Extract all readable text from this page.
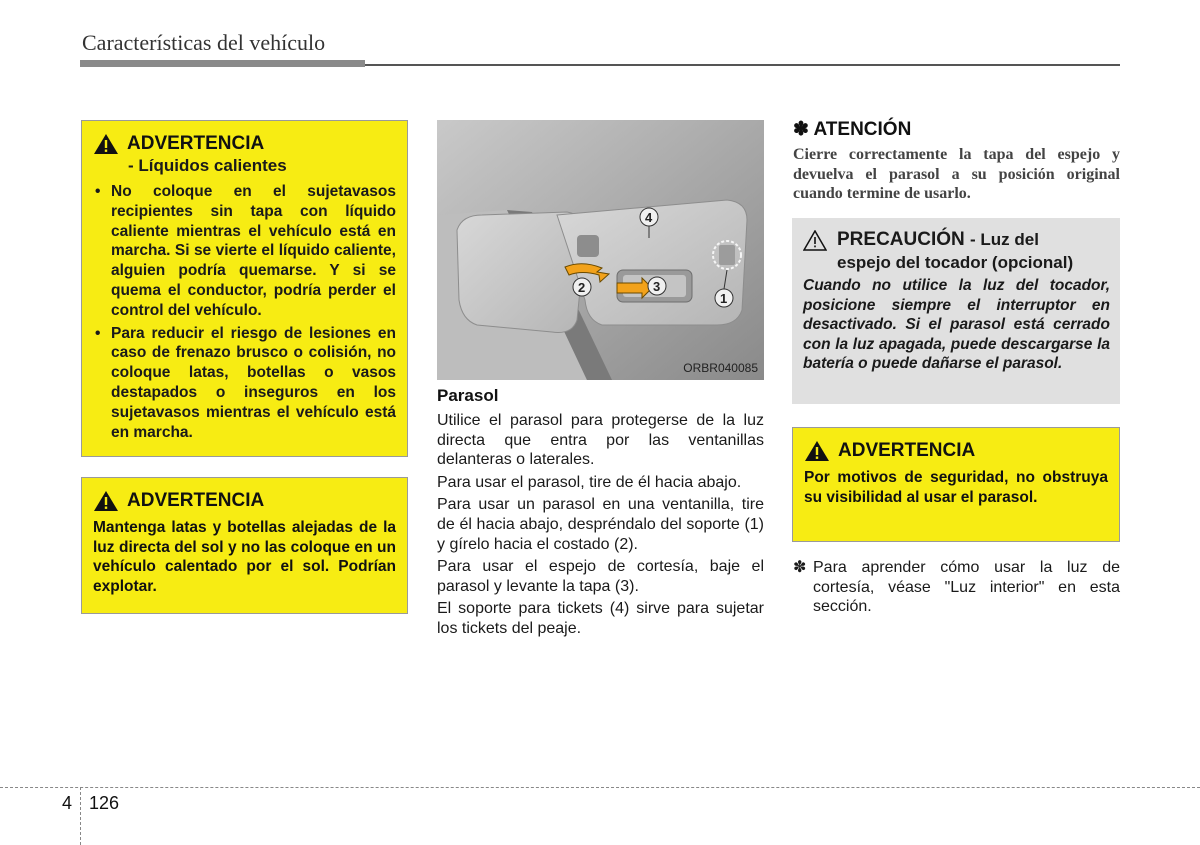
Características del vehículo
ADVERTENCIA
- Líquidos calientes
• No coloque en el sujetavasos recipientes sin tapa con líquido caliente mientras el vehículo está en marcha. Si se vierte el líquido caliente, alguien podría quemarse. Y si se quema el conductor, podría perder el control del vehículo.
• Para reducir el riesgo de lesiones en caso de frenazo brusco o colisión, no coloque latas, botellas o vasos destapados o inseguros en los sujetavasos mientras el vehículo está en marcha.
ADVERTENCIA
Mantenga latas y botellas alejadas de la luz directa del sol y no las coloque en un vehículo calentado por el sol. Podrían explotar.
4
2	3
1
ORBR040085
Parasol

Utilice el parasol para protegerse de la luz directa que entra por las ventanillas delanteras o laterales.

Para usar el parasol, tire de él hacia abajo.

Para usar un parasol en una ventanilla, tire de él hacia abajo, despréndalo del soporte (1) y gírelo hacia el costado (2).

Para usar el espejo de cortesía, baje el parasol y levante la tapa (3).

El soporte para tickets (4) sirve para sujetar los tickets del peaje.

✽ ATENCIÓN
Cierre correctamente la tapa del espejo y devuelva el parasol a su posición original cuando termine de usarlo.
PRECAUCIÓN - Luz del
espejo del tocador (opcional)
Cuando no utilice la luz del tocador, posicione siempre el interruptor en desactivado. Si el parasol está cerrado con la luz apagada, puede descargarse la batería o puede dañarse el parasol.
ADVERTENCIA
Por motivos de seguridad, no obstruya su visibilidad al usar el parasol.
✽ Para aprender cómo usar la luz de cortesía, véase "Luz interior" en esta sección.
4 126
